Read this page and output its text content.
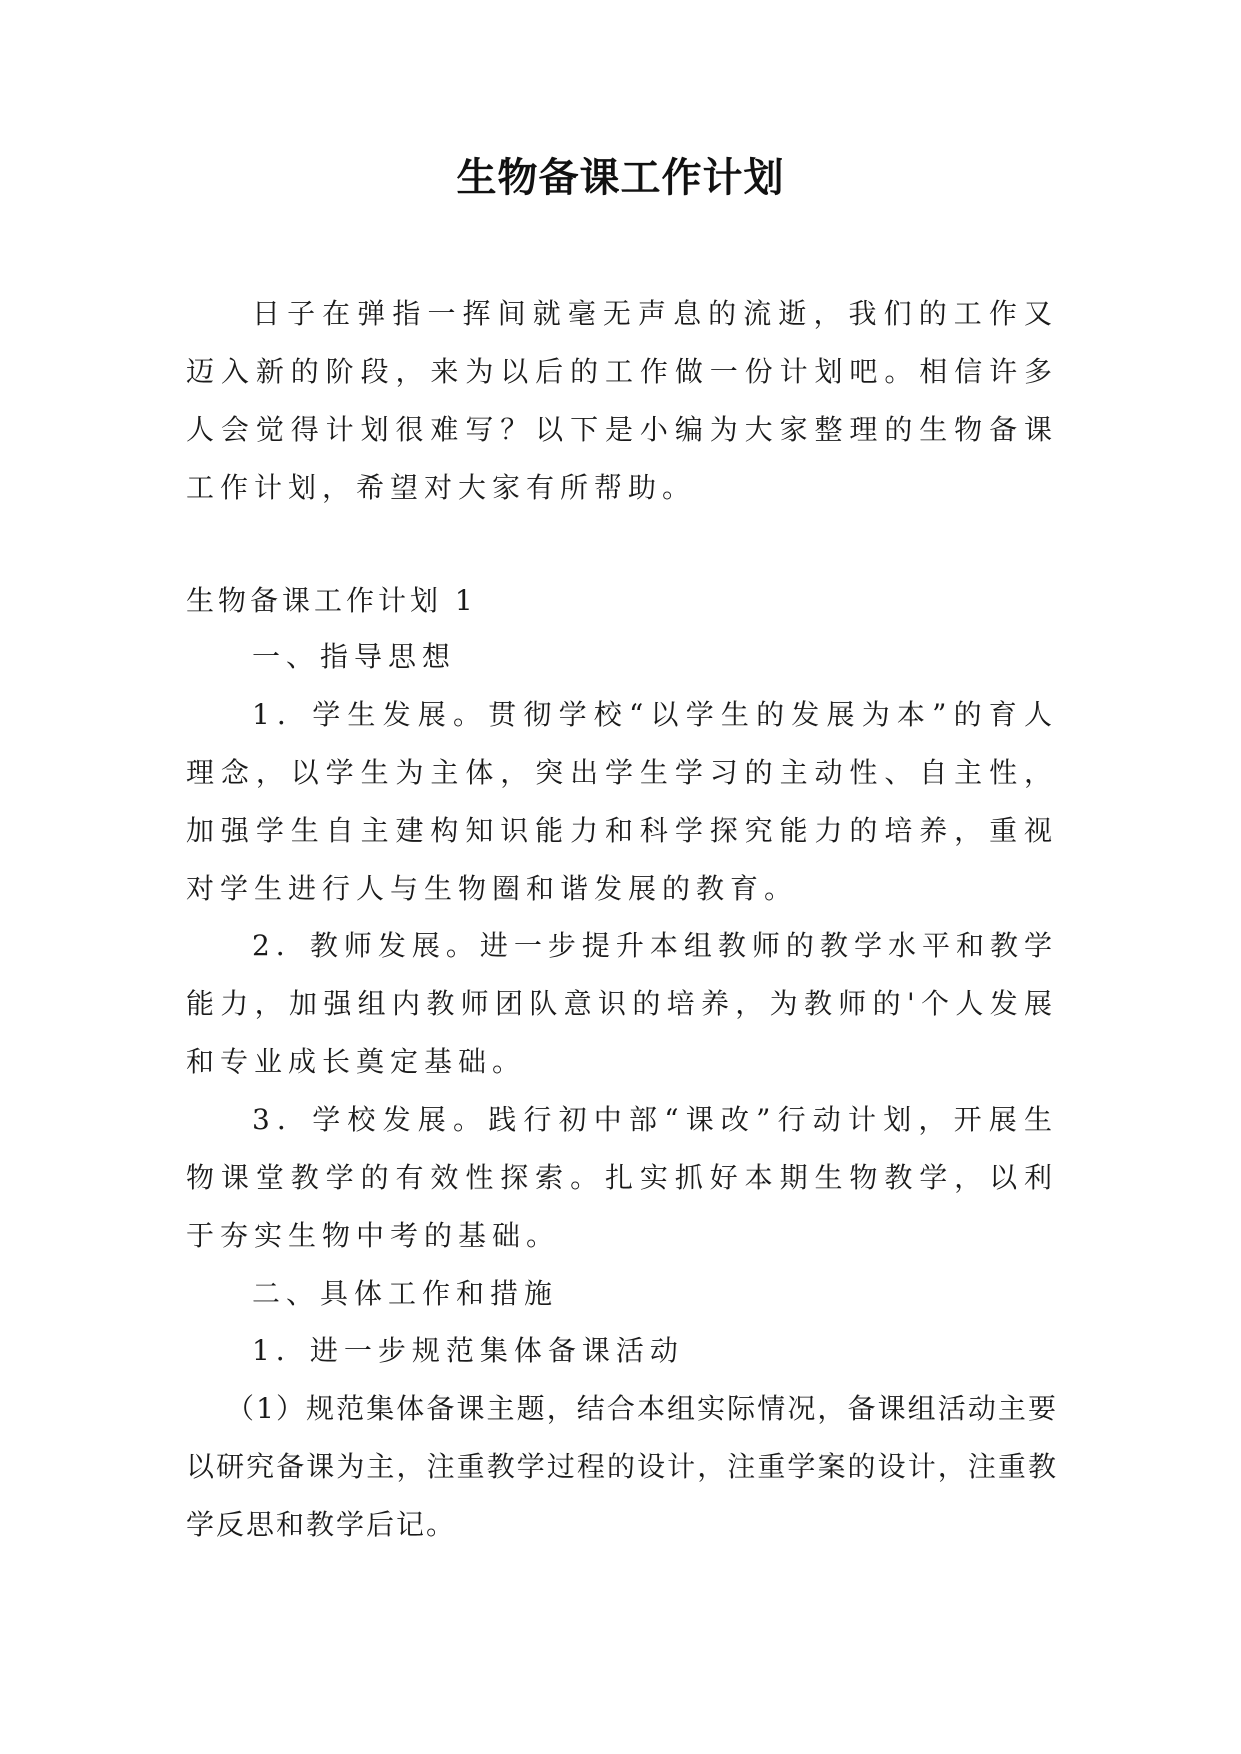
生物备课工作计划

日子在弹指一挥间就毫无声息的流逝，我们的工作又迈入新的阶段，来为以后的工作做一份计划吧。相信许多人会觉得计划很难写？以下是小编为大家整理的生物备课工作计划，希望对大家有所帮助。

生物备课工作计划 1

一、指导思想

1．学生发展。贯彻学校“以学生的发展为本”的育人理念，以学生为主体，突出学生学习的主动性、自主性，加强学生自主建构知识能力和科学探究能力的培养，重视对学生进行人与生物圈和谐发展的教育。

2．教师发展。进一步提升本组教师的教学水平和教学能力，加强组内教师团队意识的培养，为教师的'个人发展和专业成长奠定基础。

3．学校发展。践行初中部“课改”行动计划，开展生物课堂教学的有效性探索。扎实抓好本期生物教学，以利于夯实生物中考的基础。

二、具体工作和措施

1．进一步规范集体备课活动

（1）规范集体备课主题，结合本组实际情况，备课组活动主要以研究备课为主，注重教学过程的设计，注重学案的设计，注重教学反思和教学后记。
